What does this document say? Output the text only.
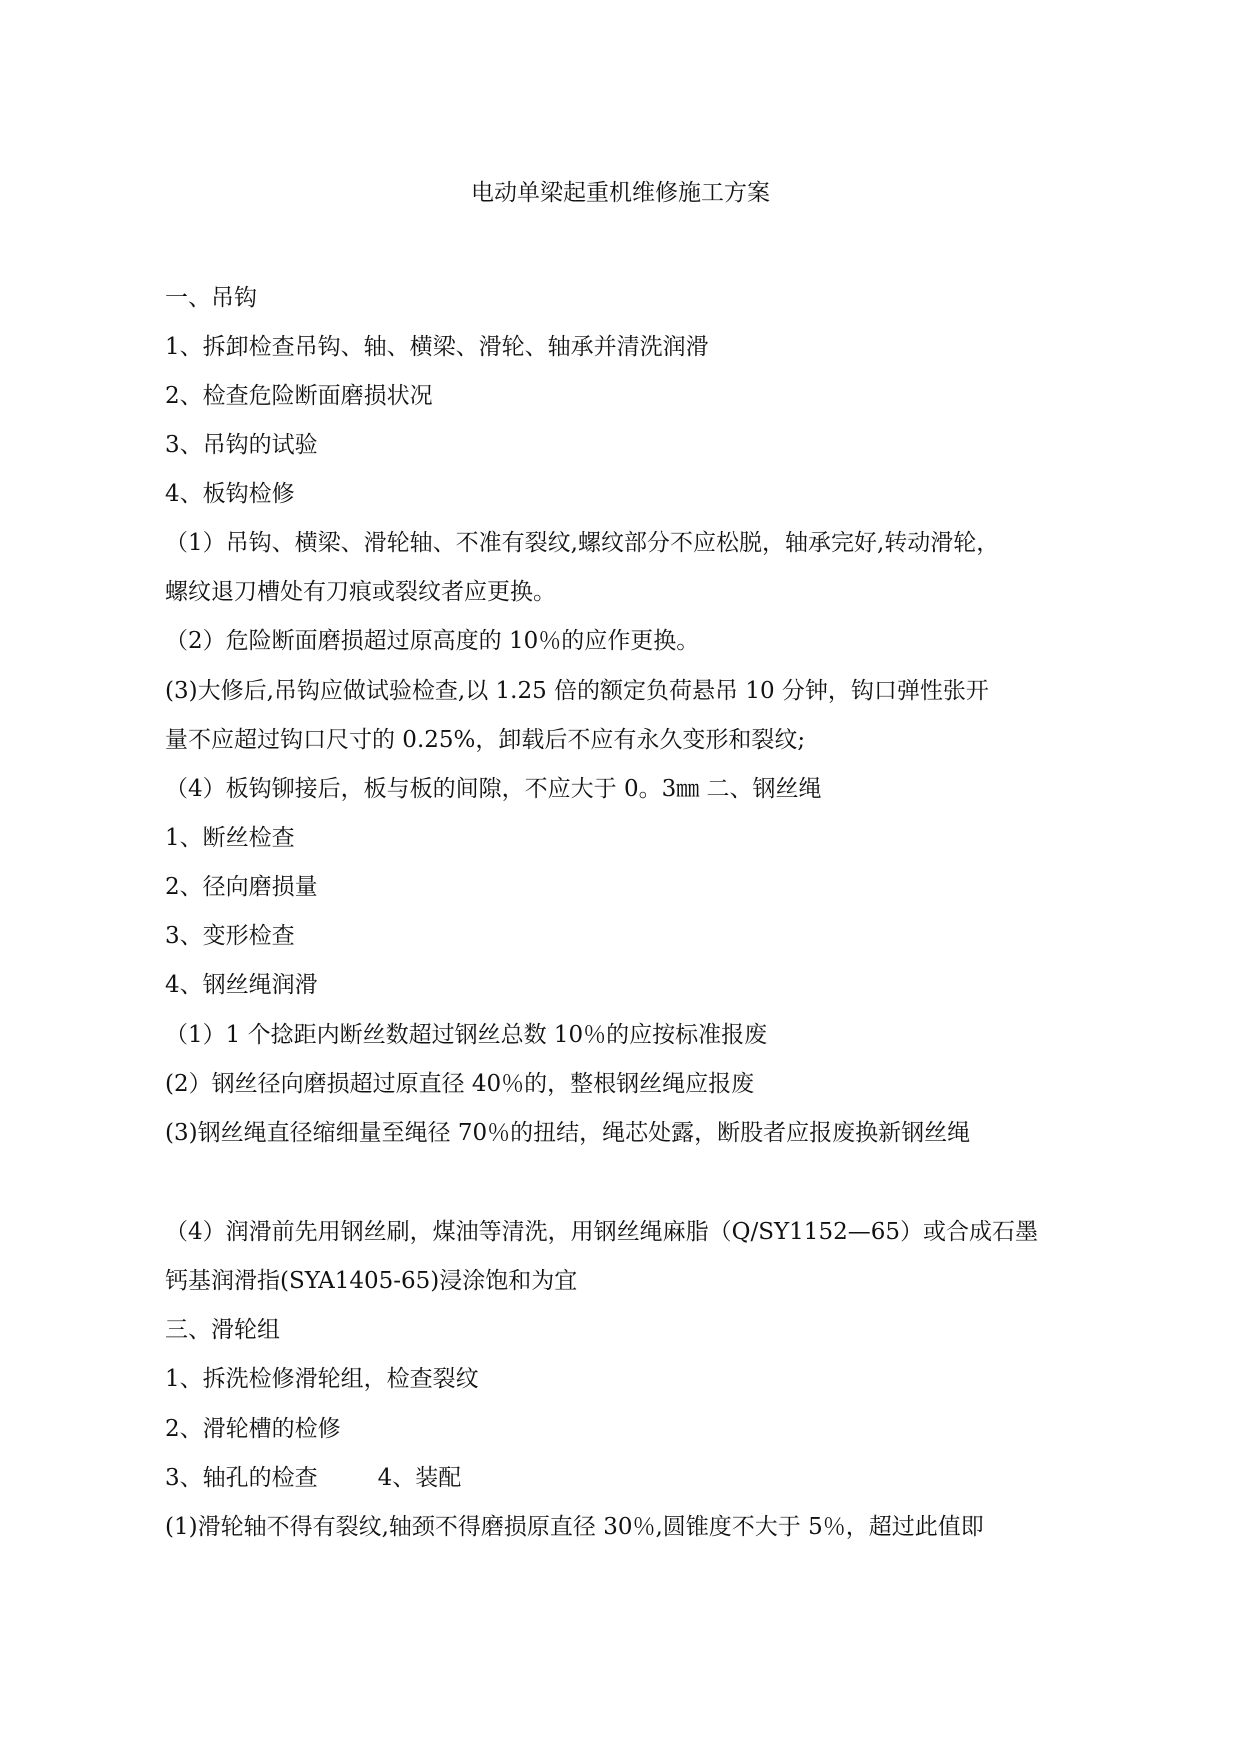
电动单梁起重机维修施工方案
一、吊钩
1、拆卸检查吊钩、轴、横梁、滑轮、轴承并清洗润滑
2、检查危险断面磨损状况
3、吊钩的试验
4、板钩检修
（1）吊钩、横梁、滑轮轴、不准有裂纹,螺纹部分不应松脱，轴承完好,转动滑轮，
螺纹退刀槽处有刀痕或裂纹者应更换。
（2）危险断面磨损超过原高度的 10％的应作更换。
(3)大修后,吊钩应做试验检查,以 1.25 倍的额定负荷悬吊 10 分钟，钩口弹性张开
量不应超过钩口尺寸的 0.25%，卸载后不应有永久变形和裂纹;
（4）板钩铆接后，板与板的间隙，不应大于 0。3㎜ 二、钢丝绳
1、断丝检查
2、径向磨损量
3、变形检查
4、钢丝绳润滑
（1）1 个捻距内断丝数超过钢丝总数 10％的应按标准报废
(2）钢丝径向磨损超过原直径 40％的，整根钢丝绳应报废
(3)钢丝绳直径缩细量至绳径 70％的扭结，绳芯处露，断股者应报废换新钢丝绳
（4）润滑前先用钢丝刷，煤油等清洗，用钢丝绳麻脂（Q/SY1152—65）或合成石墨
钙基润滑指(SYA1405-65)浸涂饱和为宜
三、滑轮组
1、拆洗检修滑轮组，检查裂纹
2、滑轮槽的检修
3、轴孔的检查	4、装配
(1)滑轮轴不得有裂纹,轴颈不得磨损原直径 30％,圆锥度不大于 5％，超过此值即
